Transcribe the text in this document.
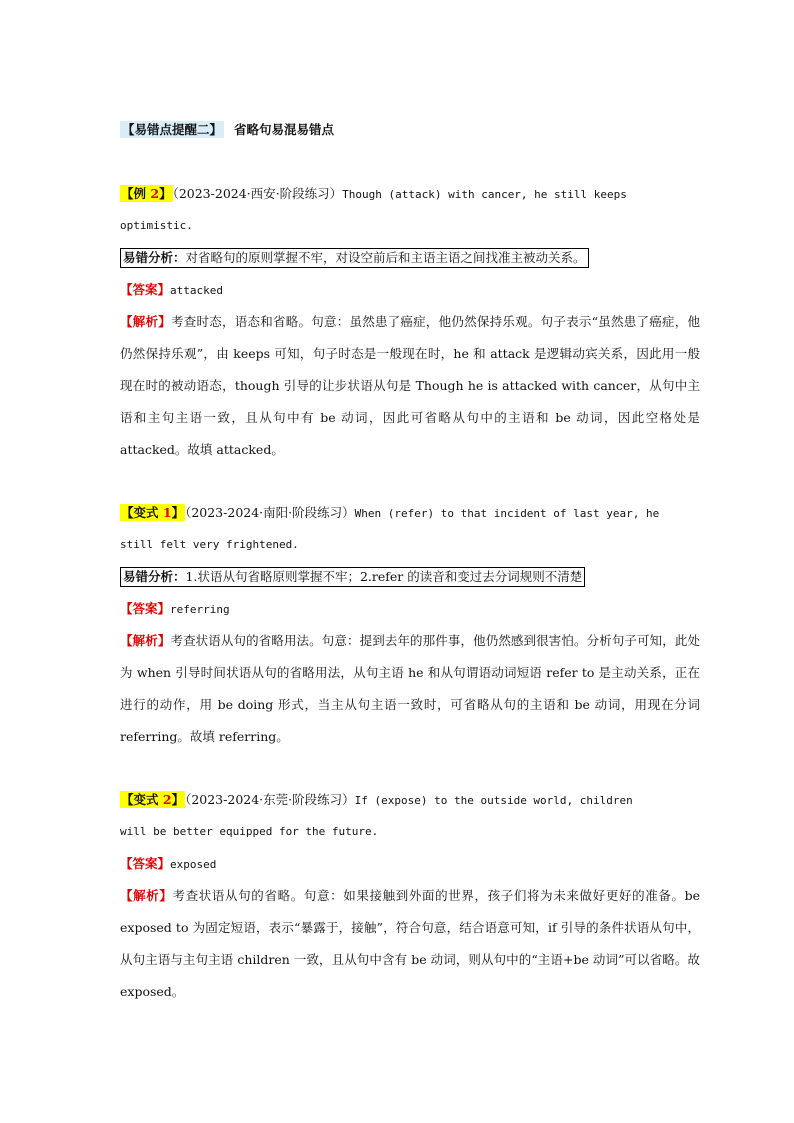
【易错点提醒二】 省略句易混易错点
【例 2】（2023-2024·西安·阶段练习）Though (attack) with cancer, he still keeps
optimistic.
易错分析：对省略句的原则掌握不牢，对设空前后和主语主语之间找准主被动关系。
【答案】attacked
【解析】考查时态，语态和省略。句意：虽然患了癌症，他仍然保持乐观。句子表示“虽然患了癌症，他仍然保持乐观”，由 keeps 可知，句子时态是一般现在时，he 和 attack 是逻辑动宾关系，因此用一般现在时的被动语态，though 引导的让步状语从句是 Though he is attacked with cancer，从句中主语和主句主语一致，且从句中有 be 动词，因此可省略从句中的主语和 be 动词，因此空格处是 attacked。故填 attacked。
【变式 1】（2023-2024·南阳·阶段练习）When (refer) to that incident of last year, he
still felt very frightened.
易错分析：1.状语从句省略原则掌握不牢；2.refer 的读音和变过去分词规则不清楚
【答案】referring
【解析】考查状语从句的省略用法。句意：提到去年的那件事，他仍然感到很害怕。分析句子可知，此处为 when 引导时间状语从句的省略用法，从句主语 he 和从句谓语动词短语 refer to 是主动关系，正在进行的动作，用 be doing 形式，当主从句主语一致时，可省略从句的主语和 be 动词，用现在分词 referring。故填 referring。
【变式 2】（2023-2024·东莞·阶段练习）If (expose) to the outside world, children
will be better equipped for the future.
【答案】exposed
【解析】考查状语从句的省略。句意：如果接触到外面的世界，孩子们将为未来做好更好的准备。be exposed to 为固定短语，表示“暴露于，接触”，符合句意，结合语意可知，if 引导的条件状语从句中，从句主语与主句主语 children 一致，且从句中含有 be 动词，则从句中的“主语+be 动词”可以省略。故 exposed。
